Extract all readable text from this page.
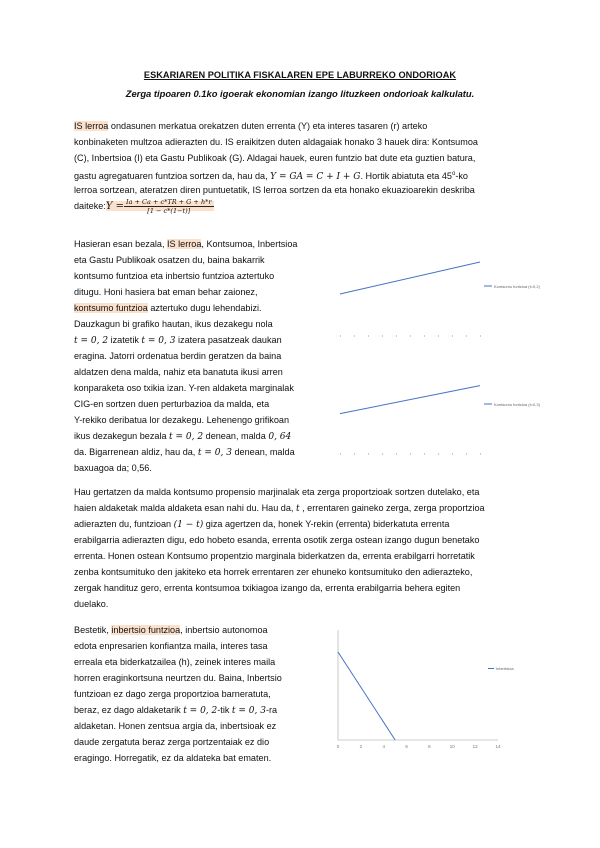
ESKARIAREN POLITIKA FISKALAREN EPE LABURREKO ONDORIOAK
Zerga tipoaren 0.1ko igoerak ekonomian izango lituzkeen ondorioak kalkulatu.
IS lerroa ondasunen merkatua orekatzen duten errenta (Y) eta interes tasaren (r) arteko
konbinaketen multzoa adierazten du. IS eraikitzen duten aldagaiak honako 3 hauek dira: Kontsumoa
(C), Inbertsioa (I) eta Gastu Publikoak (G). Aldagai hauek, euren funtzio bat dute eta guztien batura,
gastu agregatuaren funtzioa sortzen da, hau da, Y = GA = C + I + G. Hortik abiatuta eta 45$^o$-ko
lerroa sortzean, ateratzen diren puntuetatik, IS lerroa sortzen da eta honako ekuazioarekin deskriba
daiteke:Y = $\frac{Ia + Ca + c*TR + G + h*r}{[1 - c*(1-t)]}$
Hasieran esan bezala, IS lerroa, Kontsumoa, Inbertsioa
eta Gastu Publikoak osatzen du, baina bakarrik
kontsumo funtzioa eta inbertsio funtzioa aztertuko
ditugu. Honi hasiera bat eman behar zaionez,
kontsumo funtzioa aztertuko dugu lehendabizi.
Dauzkagun bi grafiko hautan, ikus dezakegu nola
t = 0, 2 izatetik t = 0, 3 izatera pasatzeak daukan
eragina. Jatorri ordenatua berdin geratzen da baina
aldatzen dena malda, nahiz eta banatuta ikusi arren
konparaketa oso txikia izan. Y-ren aldaketa marginalak
CIG-en sortzen duen perturbazioa da malda, eta
Y-rekiko deribatua lor dezakegu. Lehenengo grifikoan
ikus dezakegun bezala t = 0, 2 denean, malda 0, 64
da. Bigarrenean aldiz, hau da, t = 0, 3 denean, malda
baxuagoa da; 0,56.
Kontsumo funtzioa (t=0,2)
Kontsumo funtzioa (t=0,3)
0	2	4	6	8	10	12	14
Inbertsioa
Hau gertatzen da malda kontsumo propensio marjinalak eta zerga proportzioak sortzen dutelako, eta
haien aldaketak malda aldaketa esan nahi du. Hau da, t , errentaren gaineko zerga, zerga proportzioa
adierazten du, funtzioan (1 − t) giza agertzen da, honek Y-rekin (errenta) biderkatuta errenta
erabilgarria adierazten digu, edo hobeto esanda, errenta osotik zerga ostean izango dugun benetako
errenta. Honen ostean Kontsumo propentzio marginala biderkatzen da, errenta erabilgarri horretatik
zenba kontsumituko den jakiteko eta horrek errentaren zer ehuneko kontsumituko den adierazteko,
zergak handituz gero, errenta kontsumoa txikiagoa izango da, errenta erabilgarria behera egiten
duelako.
Bestetik, inbertsio funtzioa, inbertsio autonomoa
edota enpresarien konfiantza maila, interes tasa
erreala eta biderkatzailea (h), zeinek interes maila
horren eraginkortsuna neurtzen du. Baina, Inbertsio
funtzioan ez dago zerga proportzioa barneratuta,
beraz, ez dago aldaketarik t = 0, 2-tik t = 0, 3-ra
aldaketan. Honen zentsua argia da, inbertsioak ez
daude zergatuta beraz zerga portzentaiak ez dio
eragingo. Horregatik, ez da aldateka bat ematen.
